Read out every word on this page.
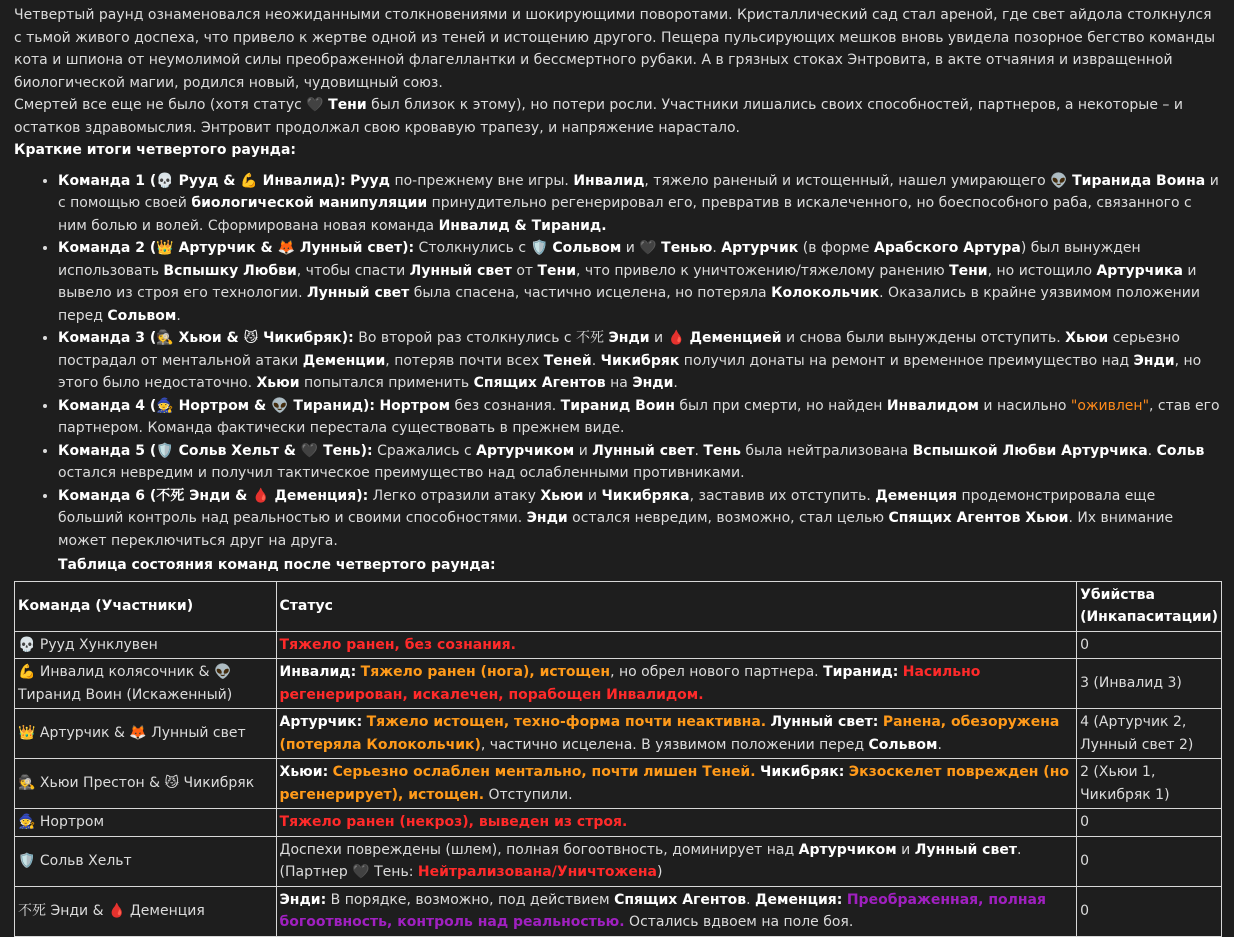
Четвертый раунд ознаменовался неожиданными столкновениями и шокирующими поворотами. Кристаллический сад стал ареной, где свет айдола столкнулся с тьмой живого доспеха, что привело к жертве одной из теней и истощению другого. Пещера пульсирующих мешков вновь увидела позорное бегство команды кота и шпиона от неумолимой силы преображенной флагеллантки и бессмертного рубаки. А в грязных стоках Энтровита, в акте отчаяния и извращенной биологической магии, родился новый, чудовищный союз.

Смертей все еще не было (хотя статус 🖤 Тени был близок к этому), но потери росли. Участники лишались своих способностей, партнеров, а некоторые – и остатков здравомыслия. Энтровит продолжал свою кровавую трапезу, и напряжение нарастало.

Краткие итоги четвертого раунда:

• Команда 1 (💀 Рууд & 💪 Инвалид): Рууд по-прежнему вне игры. Инвалид, тяжело раненый и истощенный, нашел умирающего 👽 Тиранида Воина и с помощью своей биологической манипуляции принудительно регенерировал его, превратив в искалеченного, но боеспособного раба, связанного с ним болью и волей. Сформирована новая команда Инвалид & Тиранид.
• Команда 2 (👑 Артурчик & 🦊 Лунный свет): Столкнулись с 🛡️ Сольвом и 🖤 Тенью. Артурчик (в форме Арабского Артура) был вынужден использовать Вспышку Любви, чтобы спасти Лунный свет от Тени, что привело к уничтожению/тяжелому ранению Тени, но истощило Артурчика и вывело из строя его технологии. Лунный свет была спасена, частично исцелена, но потеряла Колокольчик. Оказались в крайне уязвимом положении перед Сольвом.
• Команда 3 (🕵️ Хьюи & 😼 Чикибряк): Во второй раз столкнулись с 不死 Энди и 🩸 Деменцией и снова были вынуждены отступить. Хьюи серьезно пострадал от ментальной атаки Деменции, потеряв почти всех Теней. Чикибряк получил донаты на ремонт и временное преимущество над Энди, но этого было недостаточно. Хьюи попытался применить Спящих Агентов на Энди.
• Команда 4 (🧙 Нортром & 👽 Тиранид): Нортром без сознания. Тиранид Воин был при смерти, но найден Инвалидом и насильно "оживлен", став его партнером. Команда фактически перестала существовать в прежнем виде.
• Команда 5 (🛡️ Сольв Хельт & 🖤 Тень): Сражались с Артурчиком и Лунный свет. Тень была нейтрализована Вспышкой Любви Артурчика. Сольв остался невредим и получил тактическое преимущество над ослабленными противниками.
• Команда 6 (不死 Энди & 🩸 Деменция): Легко отразили атаку Хьюи и Чикибряка, заставив их отступить. Деменция продемонстрировала еще больший контроль над реальностью и своими способностями. Энди остался невредим, возможно, стал целью Спящих Агентов Хьюи. Их внимание может переключиться друг на друга.

Таблица состояния команд после четвертого раунда:

Команда (Участники)	Статус	Убийства (Инкапаситации)
💀 Рууд Хунклувен	Тяжело ранен, без сознания.	0
💪 Инвалид колясочник & 👽 Тиранид Воин (Искаженный)	Инвалид: Тяжело ранен (нога), истощен, но обрел нового партнера. Тиранид: Насильно регенерирован, искалечен, порабощен Инвалидом.	3 (Инвалид 3)
👑 Артурчик & 🦊 Лунный свет	Артурчик: Тяжело истощен, техно-форма почти неактивна. Лунный свет: Ранена, обезоружена (потеряла Колокольчик), частично исцелена. В уязвимом положении перед Сольвом.	4 (Артурчик 2, Лунный свет 2)
🕵️ Хьюи Престон & 😼 Чикибряк	Хьюи: Серьезно ослаблен ментально, почти лишен Теней. Чикибряк: Экзоскелет поврежден (но регенерирует), истощен. Отступили.	2 (Хьюи 1, Чикибряк 1)
🧙 Нортром	Тяжело ранен (некроз), выведен из строя.	0
🛡️ Сольв Хельт	Доспехи повреждены (шлем), полная богоотвность, доминирует над Артурчиком и Лунный свет. (Партнер 🖤 Тень: Нейтрализована/Уничтожена)	0
不死 Энди & 🩸 Деменция	Энди: В порядке, возможно, под действием Спящих Агентов. Деменция: Преображенная, полная богоотвность, контроль над реальностью. Остались вдвоем на поле боя.	0
